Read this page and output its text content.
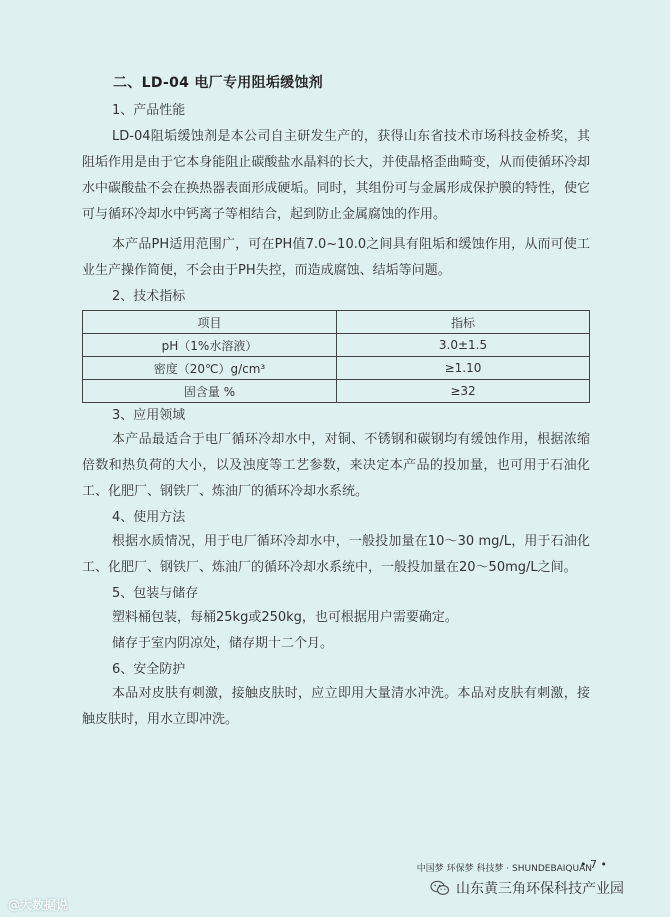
二、LD-04 电厂专用阻垢缓蚀剂

1、产品性能

LD-04阻垢缓蚀剂是本公司自主研发生产的，获得山东省技术市场科技金桥奖，其阻垢作用是由于它本身能阻止碳酸盐水晶料的长大，并使晶格歪曲畸变，从而使循环冷却水中碳酸盐不会在换热器表面形成硬垢。同时，其组份可与金属形成保护膜的特性，使它可与循环冷却水中钙离子等相结合，起到防止金属腐蚀的作用。

本产品PH适用范围广，可在PH值7.0~10.0之间具有阻垢和缓蚀作用，从而可使工业生产操作简便，不会由于PH失控，而造成腐蚀、结垢等问题。

2、技术指标

项目	指标
pH（1%水溶液）	3.0±1.5
密度（20℃）g/cm³	≥1.10
固含量 %	≥32

3、应用领域

本产品最适合于电厂循环冷却水中，对铜、不锈钢和碳钢均有缓蚀作用，根据浓缩倍数和热负荷的大小，以及浊度等工艺参数，来决定本产品的投加量，也可用于石油化工、化肥厂、钢铁厂、炼油厂的循环冷却水系统。

4、使用方法

根据水质情况，用于电厂循环冷却水中，一般投加量在10～30 mg/L，用于石油化工、化肥厂、钢铁厂、炼油厂的循环冷却水系统中，一般投加量在20～50mg/L之间。

5、包装与储存

塑料桶包装，每桶25kg或250kg，也可根据用户需要确定。

储存于室内阴凉处，储存期十二个月。

6、安全防护

本品对皮肤有刺激，接触皮肤时，应立即用大量清水冲洗。本品对皮肤有刺激，接触皮肤时，用水立即冲洗。

中国梦 环保梦 科技梦 · SHUNDEBAIQUAN
• 7 •
@大数据说
山东黄三角环保科技产业园
